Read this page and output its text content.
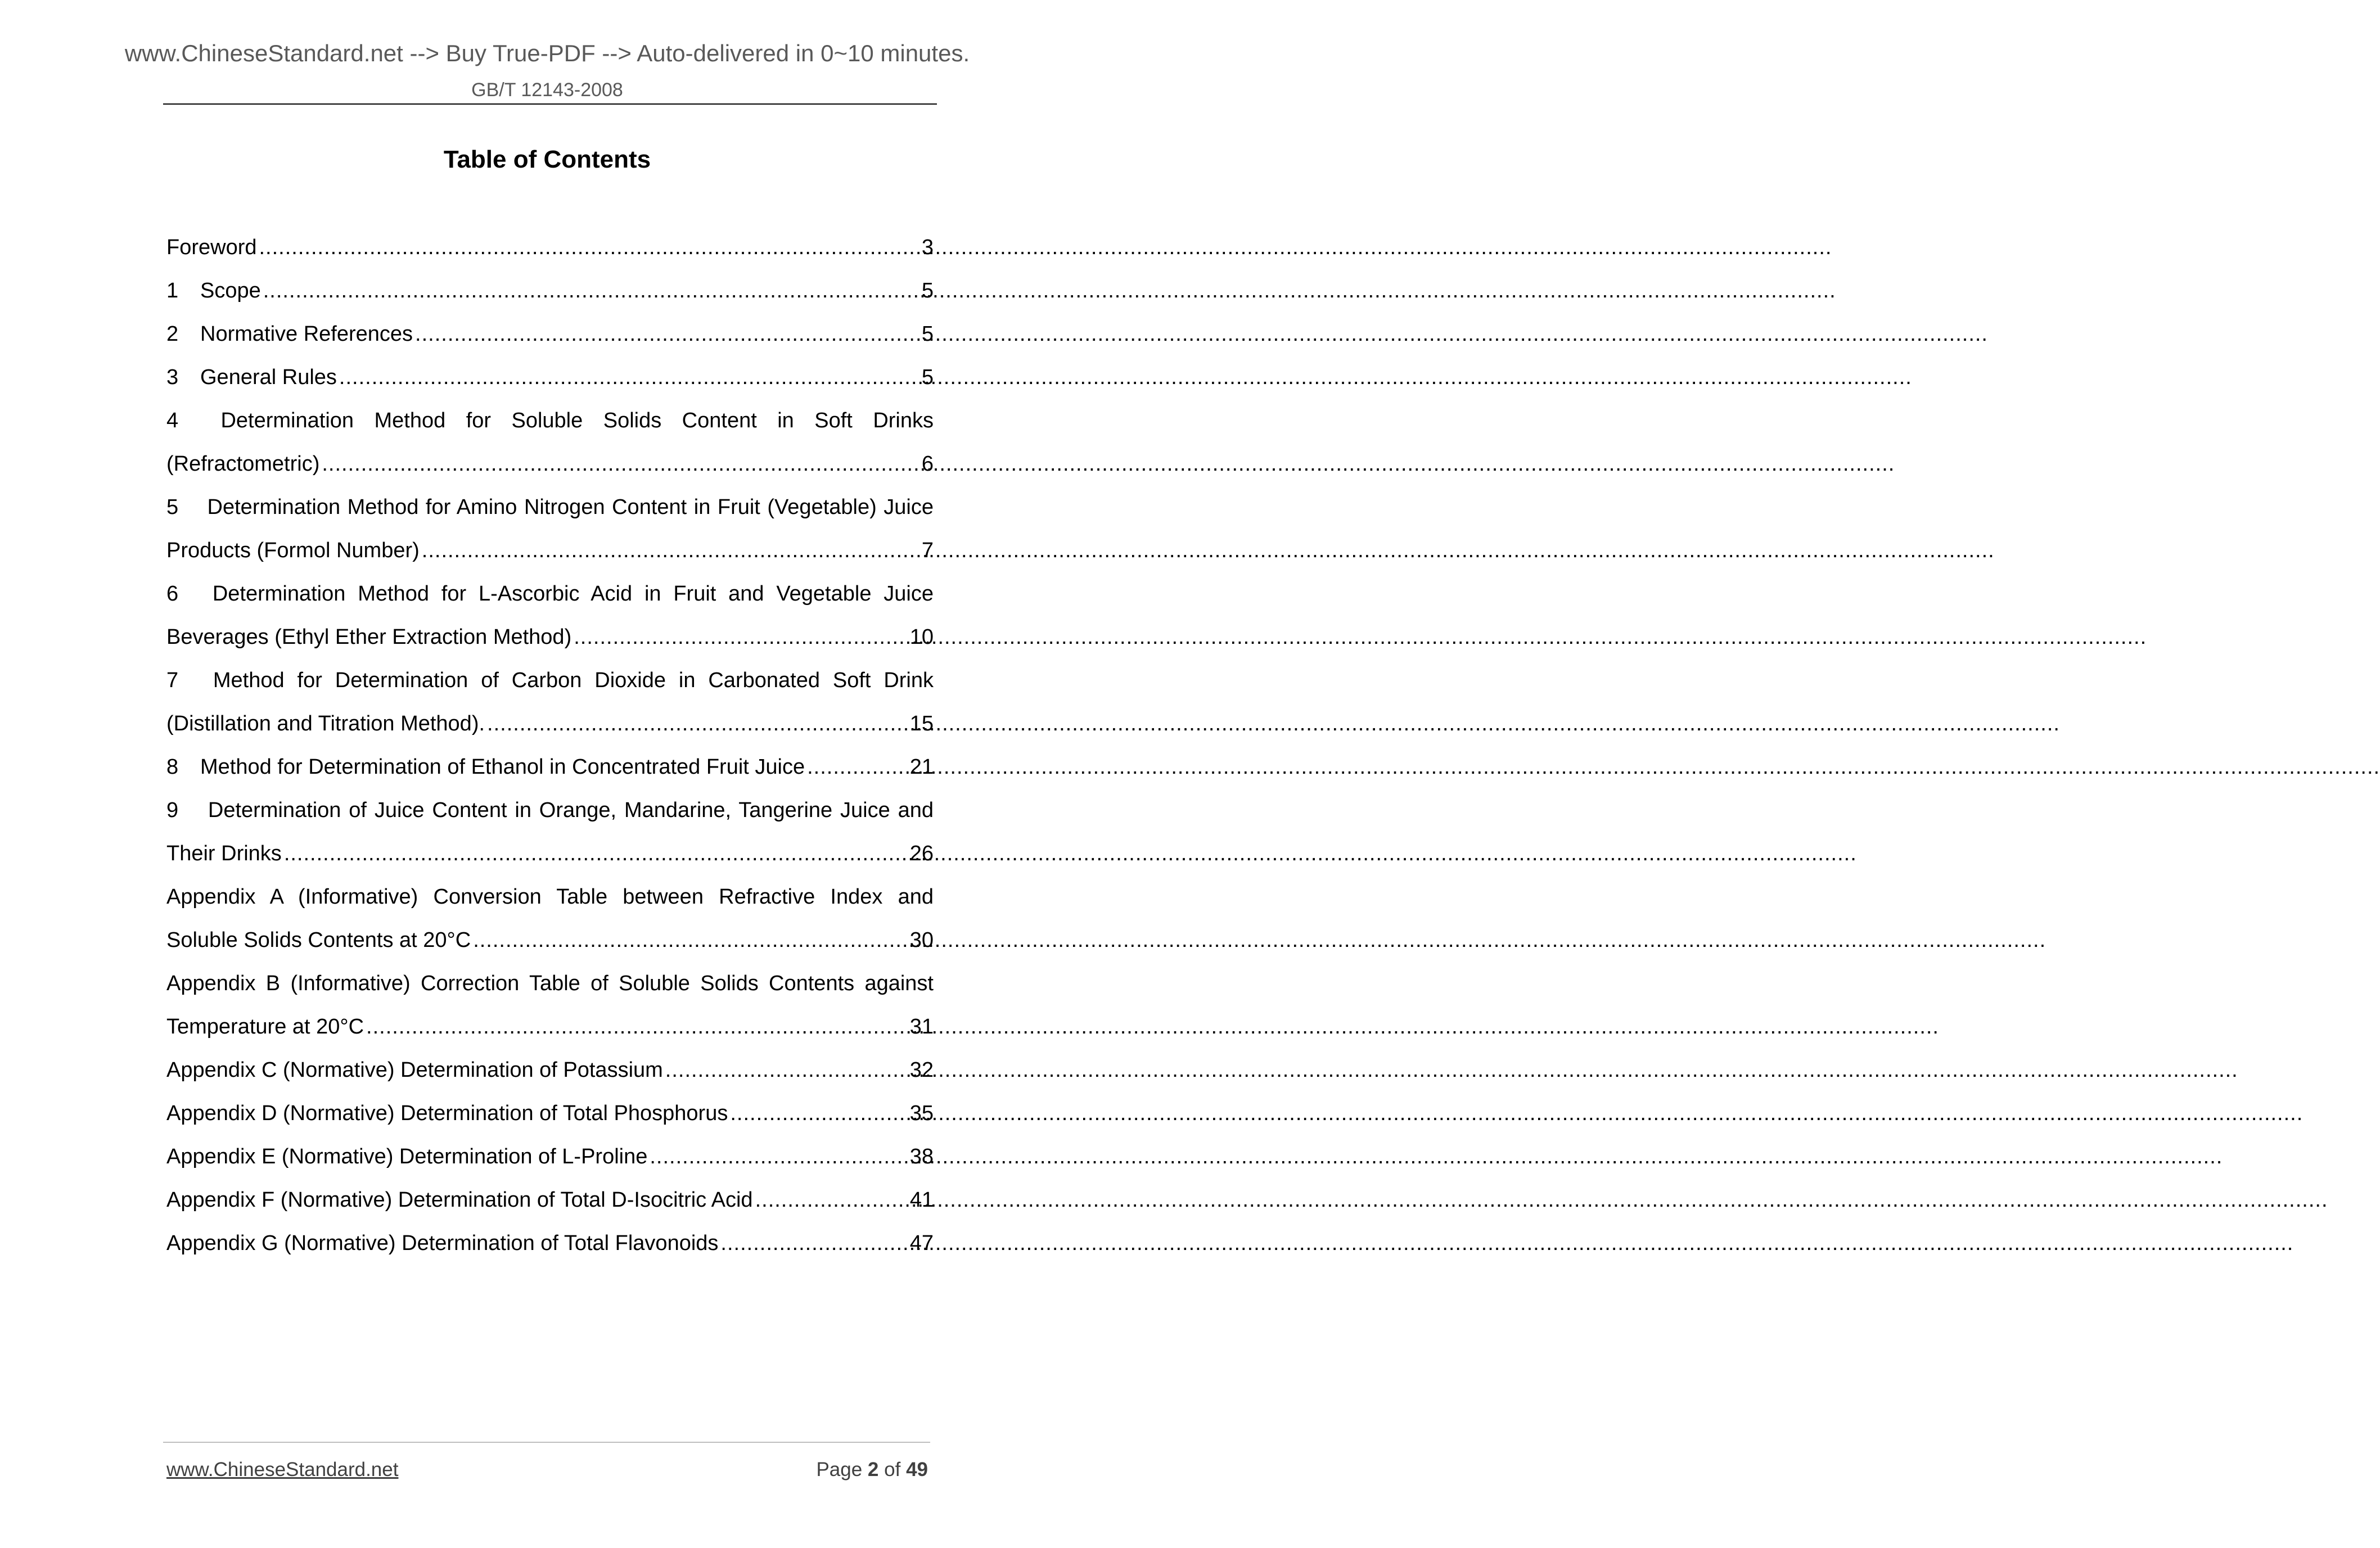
www.ChineseStandard.net --> Buy True-PDF --> Auto-delivered in 0~10 minutes.
GB/T 12143-2008
Table of Contents
Foreword .....	3
1	Scope .....	5
2	Normative References .....	5
3	General Rules .....	5
4 Determination Method for Soluble Solids Content in Soft Drinks
(Refractometric) .....	6
5 Determination Method for Amino Nitrogen Content in Fruit (Vegetable) Juice
Products (Formol Number) .....	7
6 Determination Method for L-Ascorbic Acid in Fruit and Vegetable Juice
Beverages (Ethyl Ether Extraction Method) .....	10
7 Method for Determination of Carbon Dioxide in Carbonated Soft Drink
(Distillation and Titration Method). .....	15
8	Method for Determination of Ethanol in Concentrated Fruit Juice .....	21
9 Determination of Juice Content in Orange, Mandarine, Tangerine Juice and
Their Drinks .....	26
Appendix A (Informative) Conversion Table between Refractive Index and
Soluble Solids Contents at 20°C .....	30
Appendix B (Informative) Correction Table of Soluble Solids Contents against
Temperature at 20°C .....	31
Appendix C (Normative) Determination of Potassium .....	32
Appendix D (Normative) Determination of Total Phosphorus .....	35
Appendix E (Normative) Determination of L-Proline .....	38
Appendix F (Normative) Determination of Total D-Isocitric Acid .....	41
Appendix G (Normative) Determination of Total Flavonoids .....	47
www.ChineseStandard.net	Page 2 of 49
